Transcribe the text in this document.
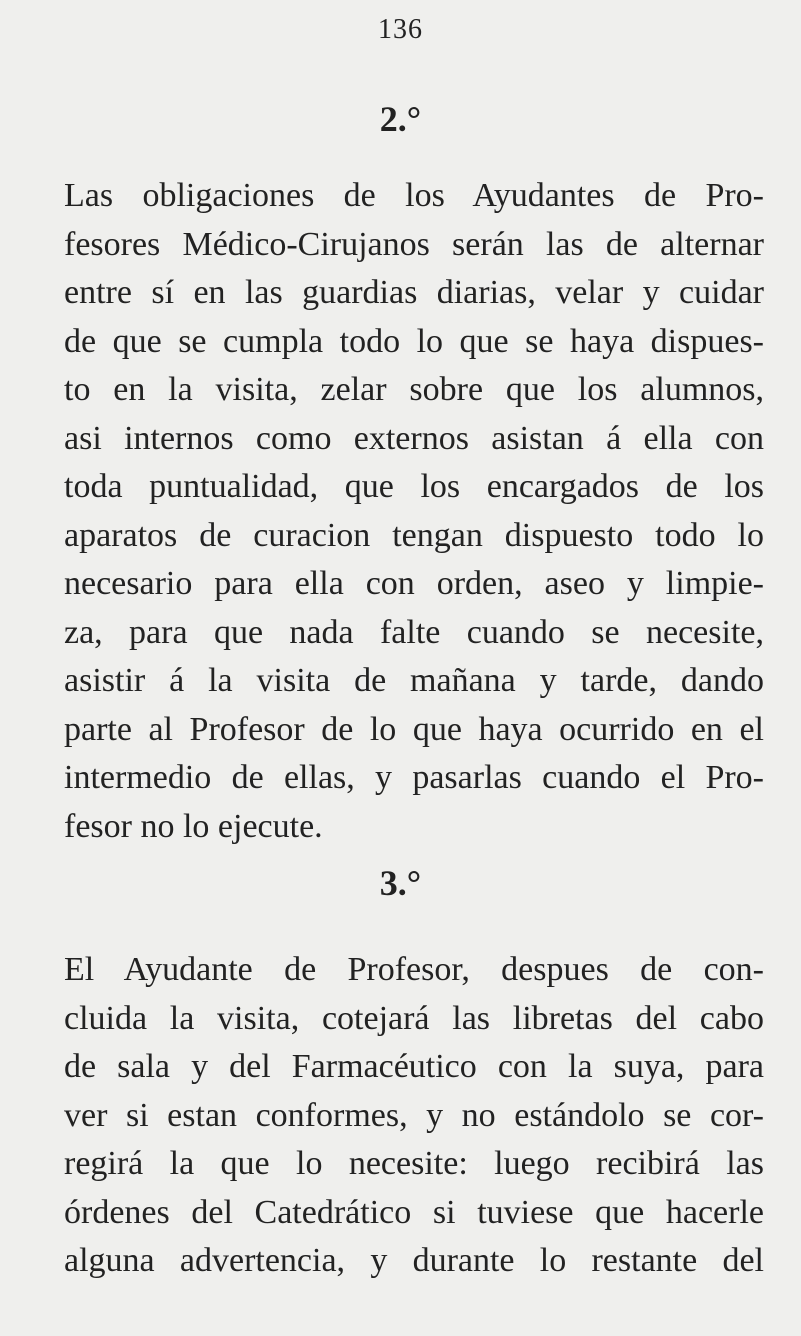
136
2.°
Las obligaciones de los Ayudantes de Pro-
fesores Médico-Cirujanos serán las de alternar
entre sí en las guardias diarias, velar y cuidar
de que se cumpla todo lo que se haya dispues-
to en la visita, zelar sobre que los alumnos,
asi internos como externos asistan á ella con
toda puntualidad, que los encargados de los
aparatos de curacion tengan dispuesto todo lo
necesario para ella con orden, aseo y limpie-
za, para que nada falte cuando se necesite,
asistir á la visita de mañana y tarde, dando
parte al Profesor de lo que haya ocurrido en el
intermedio de ellas, y pasarlas cuando el Pro-
fesor no lo ejecute.
3.°
El Ayudante de Profesor, despues de con-
cluida la visita, cotejará las libretas del cabo
de sala y del Farmacéutico con la suya, para
ver si estan conformes, y no estándolo se cor-
regirá la que lo necesite: luego recibirá las
órdenes del Catedrático si tuviese que hacerle
alguna advertencia, y durante lo restante del
